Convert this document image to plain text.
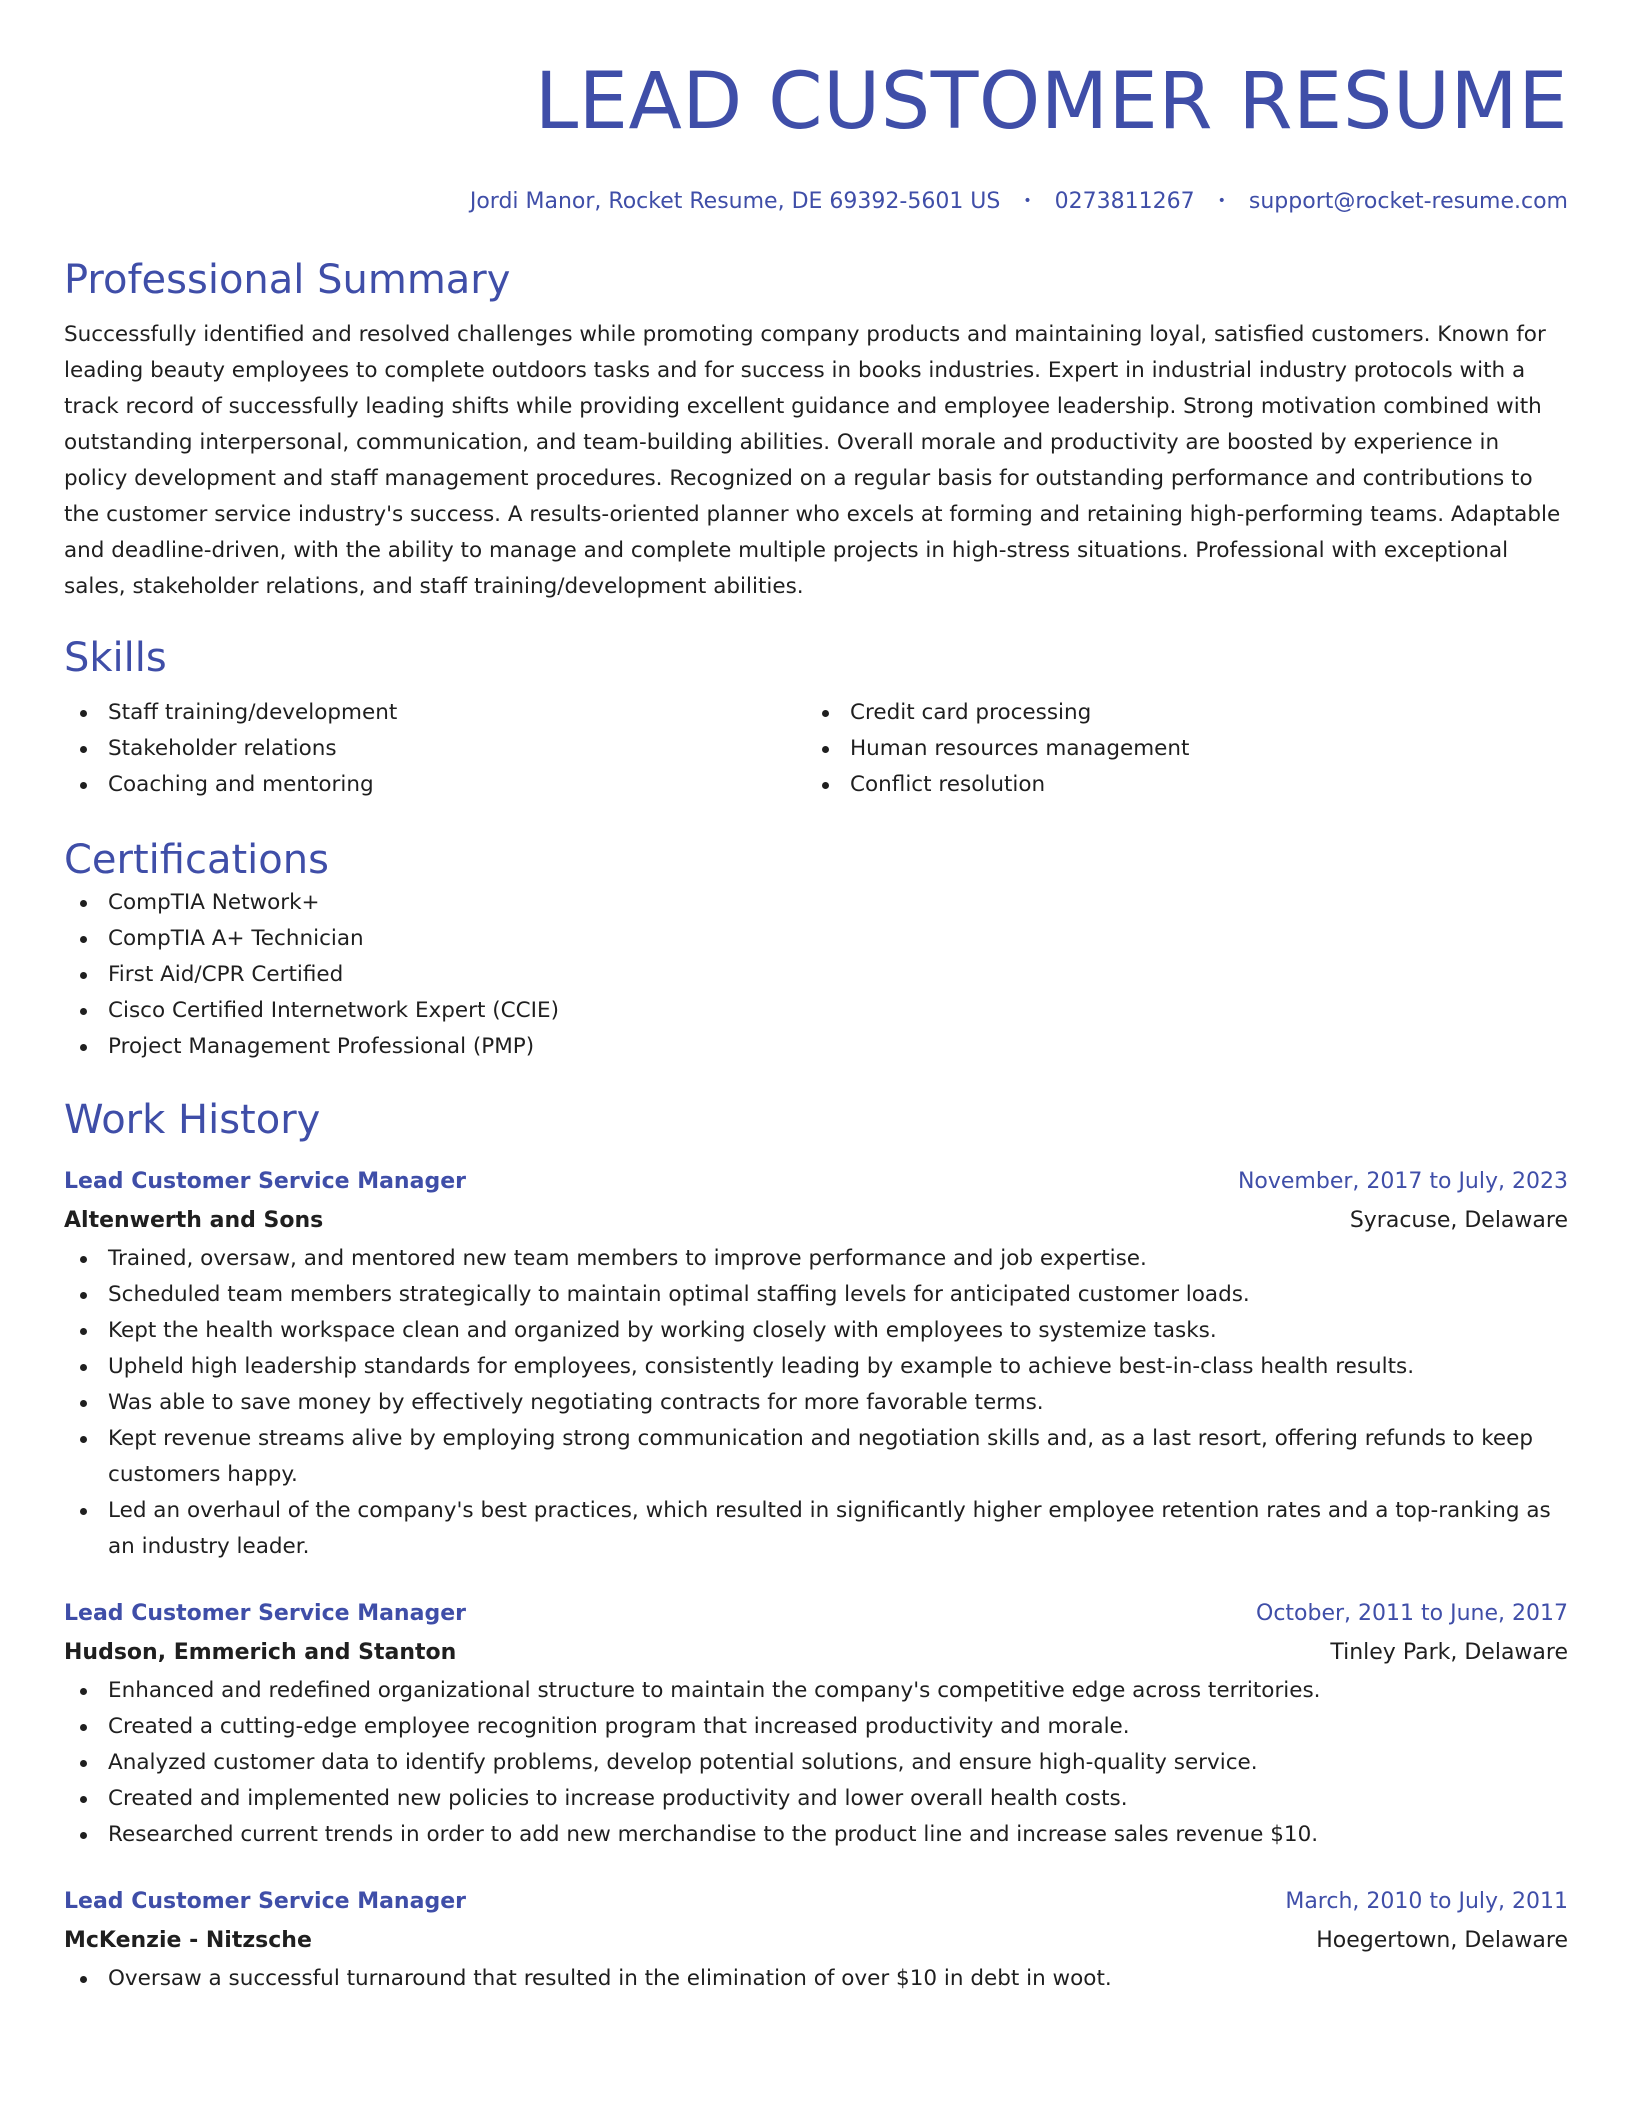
LEAD CUSTOMER RESUME
Jordi Manor, Rocket Resume, DE 69392-5601 US • 0273811267 • support@rocket-resume.com
Professional Summary

Successfully identified and resolved challenges while promoting company products and maintaining loyal, satisfied customers. Known for leading beauty employees to complete outdoors tasks and for success in books industries. Expert in industrial industry protocols with a track record of successfully leading shifts while providing excellent guidance and employee leadership. Strong motivation combined with outstanding interpersonal, communication, and team-building abilities. Overall morale and productivity are boosted by experience in policy development and staff management procedures. Recognized on a regular basis for outstanding performance and contributions to the customer service industry's success. A results-oriented planner who excels at forming and retaining high-performing teams. Adaptable and deadline-driven, with the ability to manage and complete multiple projects in high-stress situations. Professional with exceptional sales, stakeholder relations, and staff training/development abilities.

Skills
Staff training/development
Stakeholder relations
Coaching and mentoring
Credit card processing
Human resources management
Conflict resolution
Certifications
CompTIA Network+
CompTIA A+ Technician
First Aid/CPR Certified
Cisco Certified Internetwork Expert (CCIE)
Project Management Professional (PMP)
Work History
Lead Customer Service Manager	November, 2017 to July, 2023
Altenwerth and Sons	Syracuse, Delaware
Trained, oversaw, and mentored new team members to improve performance and job expertise.
Scheduled team members strategically to maintain optimal staffing levels for anticipated customer loads.
Kept the health workspace clean and organized by working closely with employees to systemize tasks.
Upheld high leadership standards for employees, consistently leading by example to achieve best-in-class health results.
Was able to save money by effectively negotiating contracts for more favorable terms.
Kept revenue streams alive by employing strong communication and negotiation skills and, as a last resort, offering refunds to keep customers happy.
Led an overhaul of the company's best practices, which resulted in significantly higher employee retention rates and a top-ranking as an industry leader.
Lead Customer Service Manager	October, 2011 to June, 2017
Hudson, Emmerich and Stanton	Tinley Park, Delaware
Enhanced and redefined organizational structure to maintain the company's competitive edge across territories.
Created a cutting-edge employee recognition program that increased productivity and morale.
Analyzed customer data to identify problems, develop potential solutions, and ensure high-quality service.
Created and implemented new policies to increase productivity and lower overall health costs.
Researched current trends in order to add new merchandise to the product line and increase sales revenue $10.
Lead Customer Service Manager	March, 2010 to July, 2011
McKenzie - Nitzsche	Hoegertown, Delaware
Oversaw a successful turnaround that resulted in the elimination of over $10 in debt in woot.
